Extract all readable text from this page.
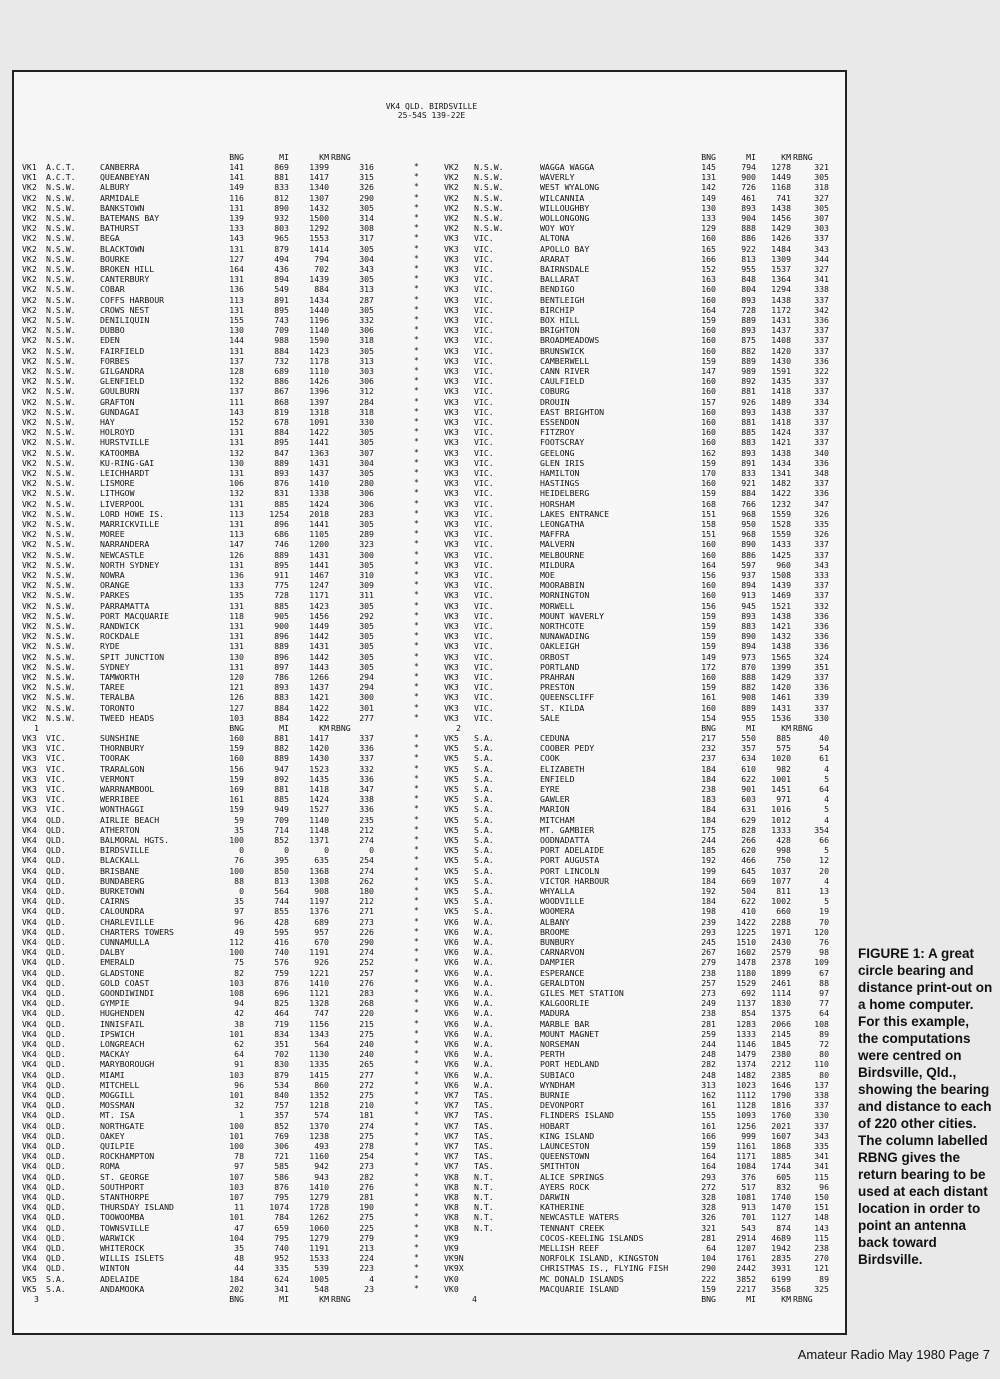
VK4 QLD. BIRDSVILLE
25-54S 139-22E
BNG	MI	KM RBNG	BNG	MI	KM RBNG
VK1 A.C.T.	CANBERRA	141	869	1399	316	*
VK1 A.C.T.	QUEANBEYAN	141	881	1417	315	*
VK2 N.S.W.	ALBURY	149	833	1340	326	*
VK2 N.S.W.	ARMIDALE	116	812	1307	290	*
VK2 N.S.W.	BANKSTOWN	131	890	1432	305	*
VK2 N.S.W.	BATEMANS BAY	139	932	1500	314	*
VK2 N.S.W.	BATHURST	133	803	1292	308	*
VK2 N.S.W.	BEGA	143	965	1553	317	*
VK2 N.S.W.	BLACKTOWN	131	879	1414	305	*
VK2 N.S.W.	BOURKE	127	494	794	304	*
VK2 N.S.W.	BROKEN HILL	164	436	702	343	*
VK2 N.S.W.	CANTERBURY	131	894	1439	305	*
VK2 N.S.W.	COBAR	136	549	884	313	*
VK2 N.S.W.	COFFS HARBOUR	113	891	1434	287	*
VK2 N.S.W.	CROWS NEST	131	895	1440	305	*
VK2 N.S.W.	DENILIQUIN	155	743	1196	332	*
VK2 N.S.W.	DUBBO	130	709	1140	306	*
VK2 N.S.W.	EDEN	144	988	1590	318	*
VK2 N.S.W.	FAIRFIELD	131	884	1423	305	*
VK2 N.S.W.	FORBES	137	732	1178	313	*
VK2 N.S.W.	GILGANDRA	128	689	1110	303	*
VK2 N.S.W.	GLENFIELD	132	886	1426	306	*
VK2 N.S.W.	GOULBURN	137	867	1396	312	*
VK2 N.S.W.	GRAFTON	111	868	1397	284	*
VK2 N.S.W.	GUNDAGAI	143	819	1318	318	*
VK2 N.S.W.	HAY	152	678	1091	330	*
VK2 N.S.W.	HOLROYD	131	884	1422	305	*
VK2 N.S.W.	HURSTVILLE	131	895	1441	305	*
VK2 N.S.W.	KATOOMBA	132	847	1363	307	*
VK2 N.S.W.	KU-RING-GAI	130	889	1431	304	*
VK2 N.S.W.	LEICHHARDT	131	893	1437	305	*
VK2 N.S.W.	LISMORE	106	876	1410	280	*
VK2 N.S.W.	LITHGOW	132	831	1338	306	*
VK2 N.S.W.	LIVERPOOL	131	885	1424	306	*
VK2 N.S.W.	LORD HOWE IS.	113	1254	2018	283	*
VK2 N.S.W.	MARRICKVILLE	131	896	1441	305	*
VK2 N.S.W.	MOREE	113	686	1105	289	*
VK2 N.S.W.	NARRANDERA	147	746	1200	323	*
VK2 N.S.W.	NEWCASTLE	126	889	1431	300	*
VK2 N.S.W.	NORTH SYDNEY	131	895	1441	305	*
VK2 N.S.W.	NOWRA	136	911	1467	310	*
VK2 N.S.W.	ORANGE	133	775	1247	309	*
VK2 N.S.W.	PARKES	135	728	1171	311	*
VK2 N.S.W.	PARRAMATTA	131	885	1423	305	*
VK2 N.S.W.	PORT MACQUARIE	118	905	1456	292	*
VK2 N.S.W.	RANDWICK	131	900	1449	305	*
VK2 N.S.W.	ROCKDALE	131	896	1442	305	*
VK2 N.S.W.	RYDE	131	889	1431	305	*
VK2 N.S.W.	SPIT JUNCTION	130	896	1442	305	*
VK2 N.S.W.	SYDNEY	131	897	1443	305	*
VK2 N.S.W.	TAMWORTH	120	786	1266	294	*
VK2 N.S.W.	TAREE	121	893	1437	294	*
VK2 N.S.W.	TERALBA	126	883	1421	300	*
VK2 N.S.W.	TORONTO	127	884	1422	301	*
VK2 N.S.W.	TWEED HEADS	103	884	1422	277	*
VK2 N.S.W.	WAGGA WAGGA	145	794	1278	321
VK2 N.S.W.	WAVERLY	131	900	1449	305
VK2 N.S.W.	WEST WYALONG	142	726	1168	318
VK2 N.S.W.	WILCANNIA	149	461	741	327
VK2 N.S.W.	WILLOUGHBY	130	893	1438	305
VK2 N.S.W.	WOLLONGONG	133	904	1456	307
VK2 N.S.W.	WOY WOY	129	888	1429	303
VK3 VIC.	ALTONA	160	886	1426	337
VK3 VIC.	APOLLO BAY	165	922	1484	343
VK3 VIC.	ARARAT	166	813	1309	344
VK3 VIC.	BAIRNSDALE	152	955	1537	327
VK3 VIC.	BALLARAT	163	848	1364	341
VK3 VIC.	BENDIGO	160	804	1294	338
VK3 VIC.	BENTLEIGH	160	893	1438	337
VK3 VIC.	BIRCHIP	164	728	1172	342
VK3 VIC.	BOX HILL	159	889	1431	336
VK3 VIC.	BRIGHTON	160	893	1437	337
VK3 VIC.	BROADMEADOWS	160	875	1408	337
VK3 VIC.	BRUNSWICK	160	882	1420	337
VK3 VIC.	CAMBERWELL	159	889	1430	336
VK3 VIC.	CANN RIVER	147	989	1591	322
VK3 VIC.	CAULFIELD	160	892	1435	337
VK3 VIC.	COBURG	160	881	1418	337
VK3 VIC.	DROUIN	157	926	1489	334
VK3 VIC.	EAST BRIGHTON	160	893	1438	337
VK3 VIC.	ESSENDON	160	881	1418	337
VK3 VIC.	FITZROY	160	885	1424	337
VK3 VIC.	FOOTSCRAY	160	883	1421	337
VK3 VIC.	GEELONG	162	893	1438	340
VK3 VIC.	GLEN IRIS	159	891	1434	336
VK3 VIC.	HAMILTON	170	833	1341	348
VK3 VIC.	HASTINGS	160	921	1482	337
VK3 VIC.	HEIDELBERG	159	884	1422	336
VK3 VIC.	HORSHAM	168	766	1232	347
VK3 VIC.	LAKES ENTRANCE	151	968	1559	326
VK3 VIC.	LEONGATHA	158	950	1528	335
VK3 VIC.	MAFFRA	151	968	1559	326
VK3 VIC.	MALVERN	160	890	1433	337
VK3 VIC.	MELBOURNE	160	886	1425	337
VK3 VIC.	MILDURA	164	597	960	343
VK3 VIC.	MOE	156	937	1508	333
VK3 VIC.	MOORABBIN	160	894	1439	337
VK3 VIC.	MORNINGTON	160	913	1469	337
VK3 VIC.	MORWELL	156	945	1521	332
VK3 VIC.	MOUNT WAVERLY	159	893	1438	336
VK3 VIC.	NORTHCOTE	159	883	1421	336
VK3 VIC.	NUNAWADING	159	890	1432	336
VK3 VIC.	OAKLEIGH	159	894	1438	336
VK3 VIC.	ORBOST	149	973	1565	324
VK3 VIC.	PORTLAND	172	870	1399	351
VK3 VIC.	PRAHRAN	160	888	1429	337
VK3 VIC.	PRESTON	159	882	1420	336
VK3 VIC.	QUEENSCLIFF	161	908	1461	339
VK3 VIC.	ST. KILDA	160	889	1431	337
VK3 VIC.	SALE	154	955	1536	330
1	BNG	MI	KM RBNG	2	BNG	MI	KM RBNG
VK3 VIC.	SUNSHINE	160	881	1417	337	*
VK3 VIC.	THORNBURY	159	882	1420	336	*
VK3 VIC.	TOORAK	160	889	1430	337	*
VK3 VIC.	TRARALGON	156	947	1523	332	*
VK3 VIC.	VERMONT	159	892	1435	336	*
VK3 VIC.	WARRNAMBOOL	169	881	1418	347	*
VK3 VIC.	WERRIBEE	161	885	1424	338	*
VK3 VIC.	WONTHAGGI	159	949	1527	336	*
VK4 QLD.	AIRLIE BEACH	59	709	1140	235	*
VK4 QLD.	ATHERTON	35	714	1148	212	*
VK4 QLD.	BALMORAL HGTS.	100	852	1371	274	*
VK4 QLD.	BIRDSVILLE	0	0	0	0	*
VK4 QLD.	BLACKALL	76	395	635	254	*
VK4 QLD.	BRISBANE	100	850	1368	274	*
VK4 QLD.	BUNDABERG	88	813	1308	262	*
VK4 QLD.	BURKETOWN	0	564	908	180	*
VK4 QLD.	CAIRNS	35	744	1197	212	*
VK4 QLD.	CALOUNDRA	97	855	1376	271	*
VK4 QLD.	CHARLEVILLE	96	428	689	273	*
VK4 QLD.	CHARTERS TOWERS	49	595	957	226	*
VK4 QLD.	CUNNAMULLA	112	416	670	290	*
VK4 QLD.	DALBY	100	740	1191	274	*
VK4 QLD.	EMERALD	75	576	926	252	*
VK4 QLD.	GLADSTONE	82	759	1221	257	*
VK4 QLD.	GOLD COAST	103	876	1410	276	*
VK4 QLD.	GOONDIWINDI	108	696	1121	283	*
VK4 QLD.	GYMPIE	94	825	1328	268	*
VK4 QLD.	HUGHENDEN	42	464	747	220	*
VK4 QLD.	INNISFAIL	38	719	1156	215	*
VK4 QLD.	IPSWICH	101	834	1343	275	*
VK4 QLD.	LONGREACH	62	351	564	240	*
VK4 QLD.	MACKAY	64	702	1130	240	*
VK4 QLD.	MARYBOROUGH	91	830	1335	265	*
VK4 QLD.	MIAMI	103	879	1415	277	*
VK4 QLD.	MITCHELL	96	534	860	272	*
VK4 QLD.	MOGGILL	101	840	1352	275	*
VK4 QLD.	MOSSMAN	32	757	1218	210	*
VK4 QLD.	MT. ISA	1	357	574	181	*
VK4 QLD.	NORTHGATE	100	852	1370	274	*
VK4 QLD.	OAKEY	101	769	1238	275	*
VK4 QLD.	QUILPIE	100	306	493	278	*
VK4 QLD.	ROCKHAMPTON	78	721	1160	254	*
VK4 QLD.	ROMA	97	585	942	273	*
VK4 QLD.	ST. GEORGE	107	586	943	282	*
VK4 QLD.	SOUTHPORT	103	876	1410	276	*
VK4 QLD.	STANTHORPE	107	795	1279	281	*
VK4 QLD.	THURSDAY ISLAND	11	1074	1728	190	*
VK4 QLD.	TOOWOOMBA	101	784	1262	275	*
VK4 QLD.	TOWNSVILLE	47	659	1060	225	*
VK4 QLD.	WARWICK	104	795	1279	279	*
VK4 QLD.	WHITEROCK	35	740	1191	213	*
VK4 QLD.	WILLIS ISLETS	48	952	1533	224	*
VK4 QLD.	WINTON	44	335	539	223	*
VK5 S.A.	ADELAIDE	184	624	1005	4	*
VK5 S.A.	ANDAMOOKA	202	341	548	23	*
VK5 S.A.	CEDUNA	217	550	885	40
VK5 S.A.	COOBER PEDY	232	357	575	54
VK5 S.A.	COOK	237	634	1020	61
VK5 S.A.	ELIZABETH	184	610	982	4
VK5 S.A.	ENFIELD	184	622	1001	5
VK5 S.A.	EYRE	238	901	1451	64
VK5 S.A.	GAWLER	183	603	971	4
VK5 S.A.	MARION	184	631	1016	5
VK5 S.A.	MITCHAM	184	629	1012	4
VK5 S.A.	MT. GAMBIER	175	828	1333	354
VK5 S.A.	OODNADATTA	244	266	428	66
VK5 S.A.	PORT ADELAIDE	185	620	998	5
VK5 S.A.	PORT AUGUSTA	192	466	750	12
VK5 S.A.	PORT LINCOLN	199	645	1037	20
VK5 S.A.	VICTOR HARBOUR	184	669	1077	4
VK5 S.A.	WHYALLA	192	504	811	13
VK5 S.A.	WOODVILLE	184	622	1002	5
VK5 S.A.	WOOMERA	198	410	660	19
VK6 W.A.	ALBANY	239	1422	2288	70
VK6 W.A.	BROOME	293	1225	1971	120
VK6 W.A.	BUNBURY	245	1510	2430	76
VK6 W.A.	CARNARVON	267	1602	2579	98
VK6 W.A.	DAMPIER	279	1478	2378	109
VK6 W.A.	ESPERANCE	238	1180	1899	67
VK6 W.A.	GERALDTON	257	1529	2461	88
VK6 W.A.	GILES MET STATION	273	692	1114	97
VK6 W.A.	KALGOORLIE	249	1137	1830	77
VK6 W.A.	MADURA	238	854	1375	64
VK6 W.A.	MARBLE BAR	281	1283	2066	108
VK6 W.A.	MOUNT MAGNET	259	1333	2145	89
VK6 W.A.	NORSEMAN	244	1146	1845	72
VK6 W.A.	PERTH	248	1479	2380	80
VK6 W.A.	PORT HEDLAND	282	1374	2212	110
VK6 W.A.	SUBIACO	248	1482	2385	80
VK6 W.A.	WYNDHAM	313	1023	1646	137
VK7 TAS.	BURNIE	162	1112	1790	338
VK7 TAS.	DEVONPORT	161	1128	1816	337
VK7 TAS.	FLINDERS ISLAND	155	1093	1760	330
VK7 TAS.	HOBART	161	1256	2021	337
VK7 TAS.	KING ISLAND	166	999	1607	343
VK7 TAS.	LAUNCESTON	159	1161	1868	335
VK7 TAS.	QUEENSTOWN	164	1171	1885	341
VK7 TAS.	SMITHTON	164	1084	1744	341
VK8 N.T.	ALICE SPRINGS	293	376	605	115
VK8 N.T.	AYERS ROCK	272	517	832	96
VK8 N.T.	DARWIN	328	1081	1740	150
VK8 N.T.	KATHERINE	328	913	1470	151
VK8 N.T.	NEWCASTLE WATERS	326	701	1127	148
VK8 N.T.	TENNANT CREEK	321	543	874	143
VK9	COCOS-KEELING ISLANDS	281	2914	4689	115
VK9	MELLISH REEF	64	1207	1942	238
VK9N	NORFOLK ISLAND, KINGSTON	104	1761	2835	270
VK9X	CHRISTMAS IS., FLYING FISH	290	2442	3931	121
VK0	MC DONALD ISLANDS	222	3852	6199	89
VK0	MACQUARIE ISLAND	159	2217	3568	325
3	BNG	MI	KM RBNG	4	BNG	MI	KM RBNG
FIGURE 1: A great circle bearing and distance print-out on a home computer. For this example, the computations were centred on Birdsville, Qld., showing the bearing and distance to each of 220 other cities. The column labelled RBNG gives the return bearing to be used at each distant location in order to point an antenna back toward Birdsville.
Amateur Radio May 1980 Page 7
